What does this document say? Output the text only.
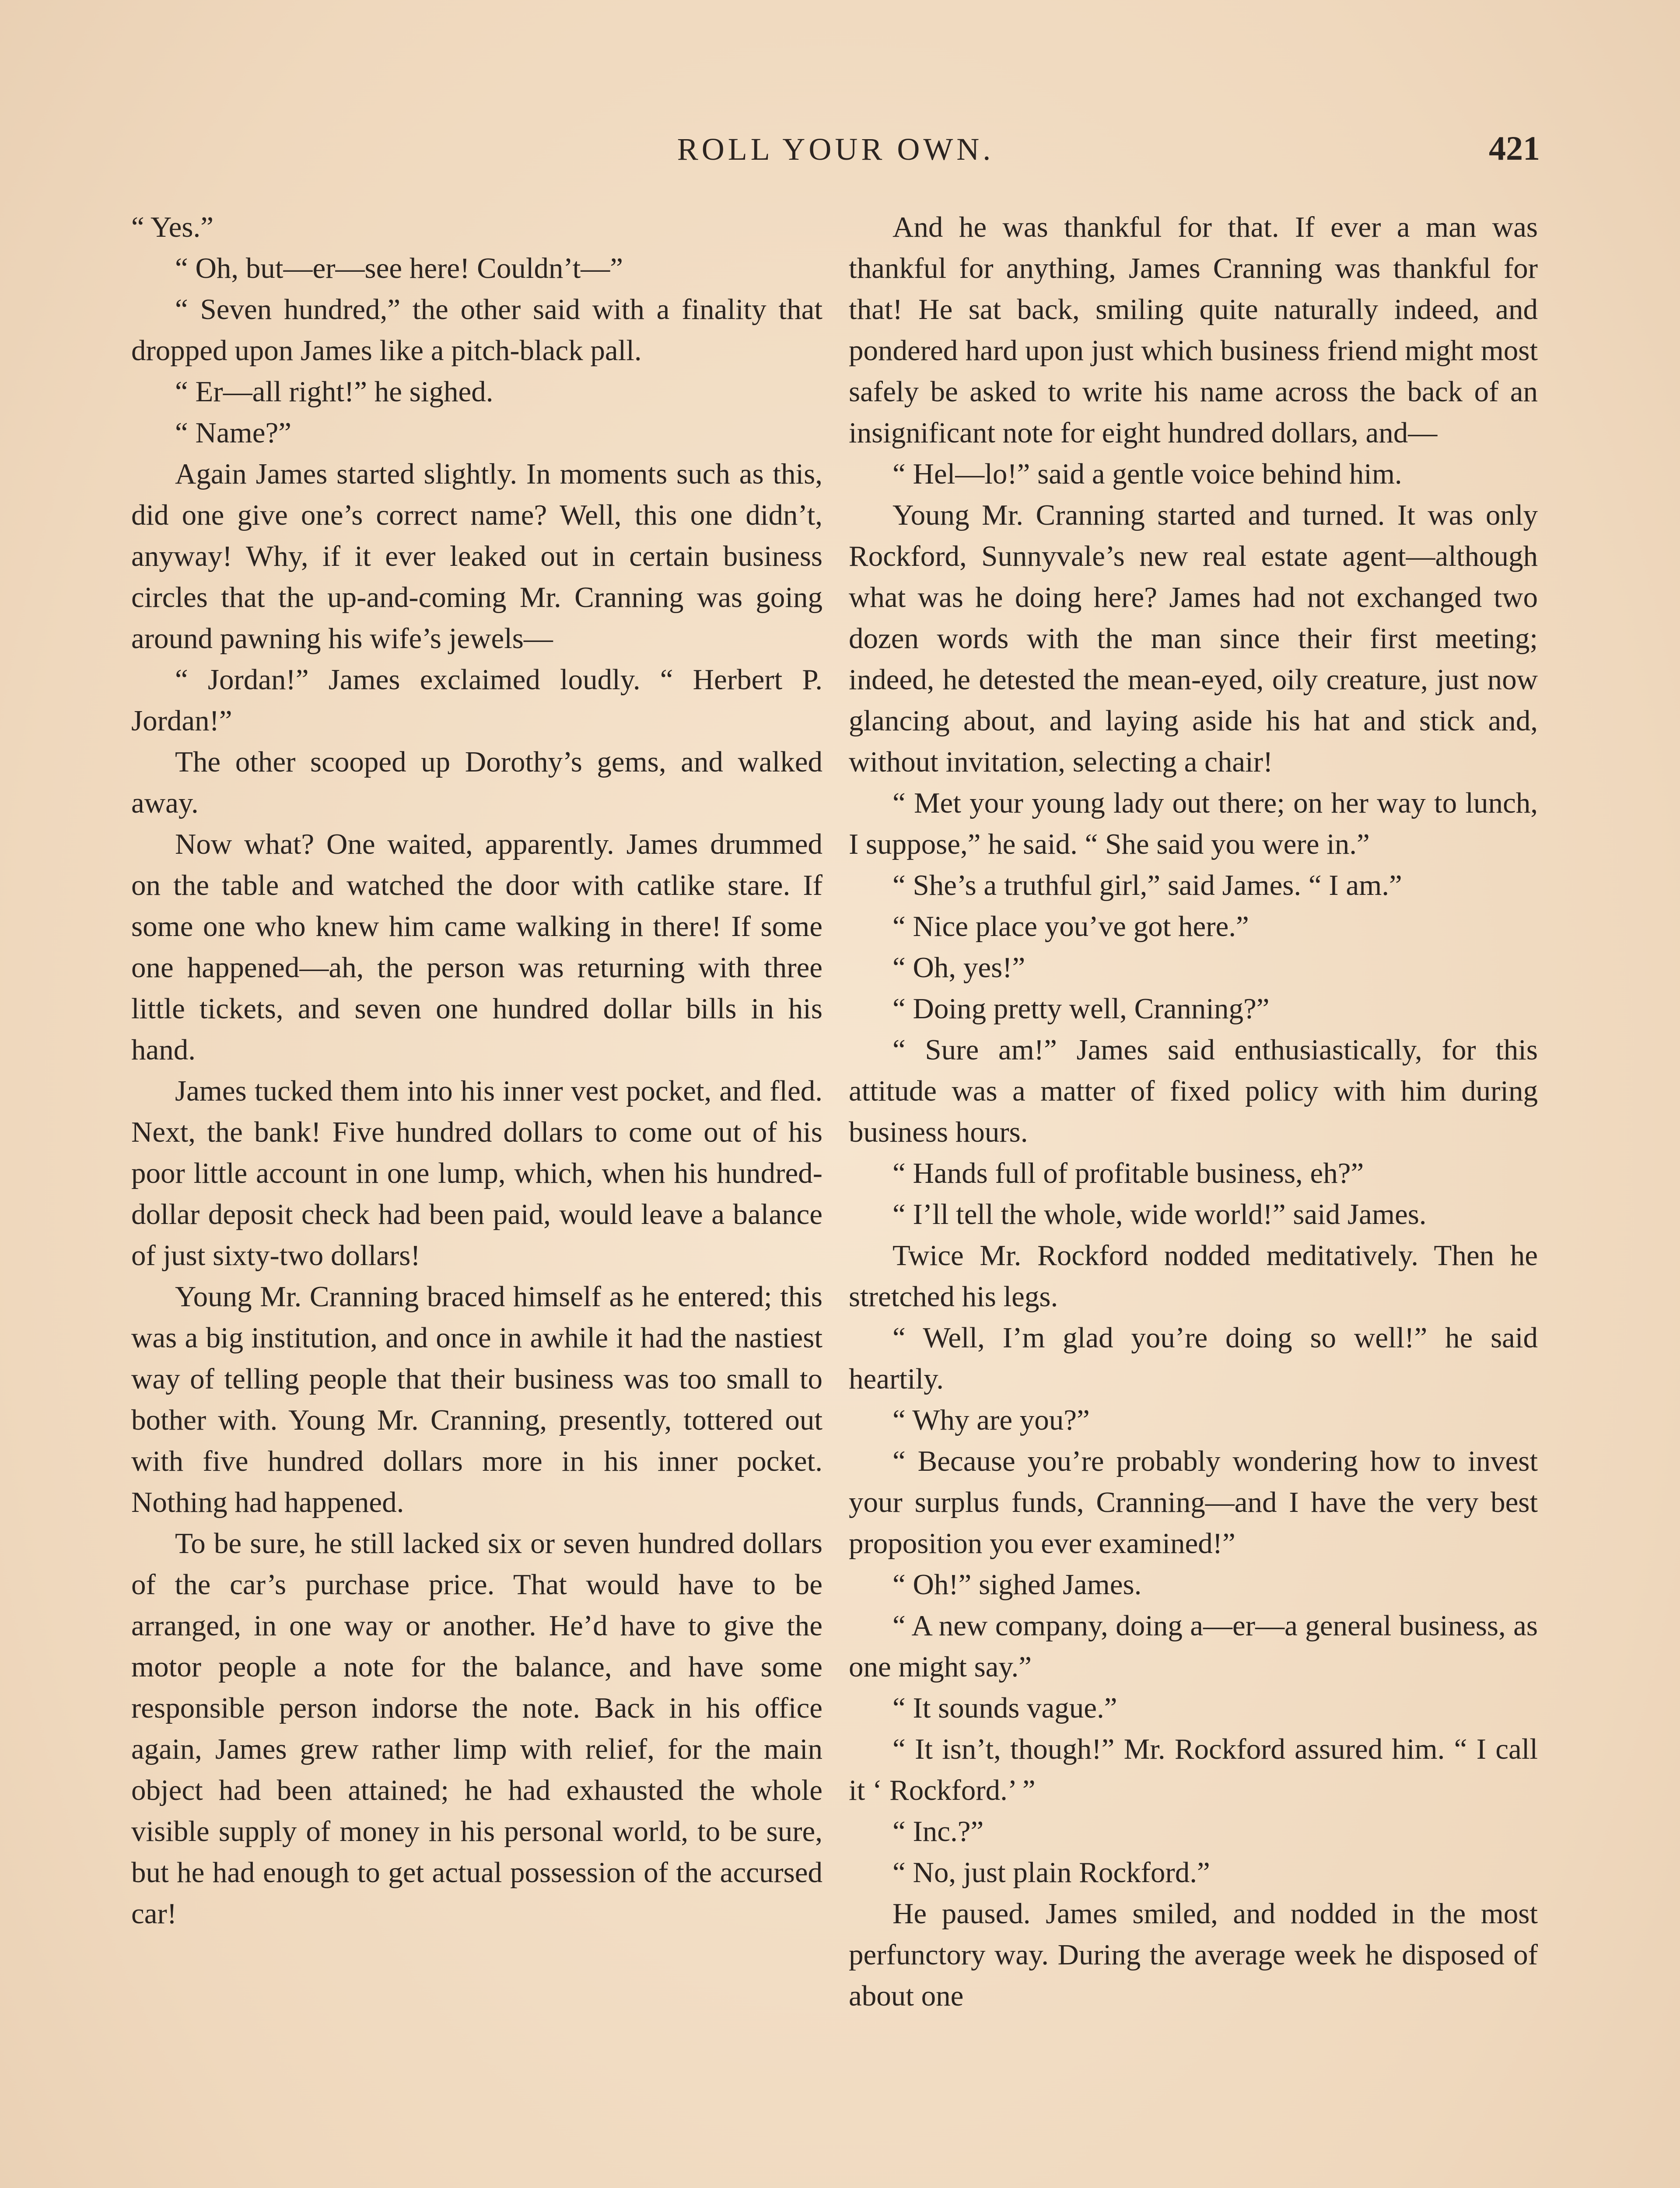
ROLL YOUR OWN.	421

“ Yes.”

“ Oh, but—er—see here! Couldn’t—”

“ Seven hundred,” the other said with a finality that dropped upon James like a pitch-black pall.

“ Er—all right!” he sighed.

“ Name?”

Again James started slightly. In moments such as this, did one give one’s correct name? Well, this one didn’t, anyway! Why, if it ever leaked out in certain business circles that the up-and-coming Mr. Cranning was going around pawning his wife’s jewels—

“ Jordan!” James exclaimed loudly. “ Herbert P. Jordan!”

The other scooped up Dorothy’s gems, and walked away.

Now what? One waited, apparently. James drummed on the table and watched the door with catlike stare. If some one who knew him came walking in there! If some one happened—ah, the person was returning with three little tickets, and seven one hundred dollar bills in his hand.

James tucked them into his inner vest pocket, and fled. Next, the bank! Five hundred dollars to come out of his poor little account in one lump, which, when his hundred-dollar deposit check had been paid, would leave a balance of just sixty-two dollars!

Young Mr. Cranning braced himself as he entered; this was a big institution, and once in awhile it had the nastiest way of telling people that their business was too small to bother with. Young Mr. Cranning, presently, tottered out with five hundred dollars more in his inner pocket. Nothing had happened.

To be sure, he still lacked six or seven hundred dollars of the car’s purchase price. That would have to be arranged, in one way or another. He’d have to give the motor people a note for the balance, and have some responsible person indorse the note. Back in his office again, James grew rather limp with relief, for the main object had been attained; he had exhausted the whole visible supply of money in his personal world, to be sure, but he had enough to get actual possession of the accursed car!

And he was thankful for that. If ever a man was thankful for anything, James Cranning was thankful for that! He sat back, smiling quite naturally indeed, and pondered hard upon just which business friend might most safely be asked to write his name across the back of an insignificant note for eight hundred dollars, and—

“ Hel—lo!” said a gentle voice behind him.

Young Mr. Cranning started and turned. It was only Rockford, Sunnyvale’s new real estate agent—although what was he doing here? James had not exchanged two dozen words with the man since their first meeting; indeed, he detested the mean-eyed, oily creature, just now glancing about, and laying aside his hat and stick and, without invitation, selecting a chair!

“ Met your young lady out there; on her way to lunch, I suppose,” he said. “ She said you were in.”

“ She’s a truthful girl,” said James. “ I am.”

“ Nice place you’ve got here.”

“ Oh, yes!”

“ Doing pretty well, Cranning?”

“ Sure am!” James said enthusiastically, for this attitude was a matter of fixed policy with him during business hours.

“ Hands full of profitable business, eh?”

“ I’ll tell the whole, wide world!” said James.

Twice Mr. Rockford nodded meditatively. Then he stretched his legs.

“ Well, I’m glad you’re doing so well!” he said heartily.

“ Why are you?”

“ Because you’re probably wondering how to invest your surplus funds, Cranning—and I have the very best proposition you ever examined!”

“ Oh!” sighed James.

“ A new company, doing a—er—a general business, as one might say.”

“ It sounds vague.”

“ It isn’t, though!” Mr. Rockford assured him. “ I call it ‘ Rockford.’ ”

“ Inc.?”

“ No, just plain Rockford.”

He paused. James smiled, and nodded in the most perfunctory way. During the average week he disposed of about one
